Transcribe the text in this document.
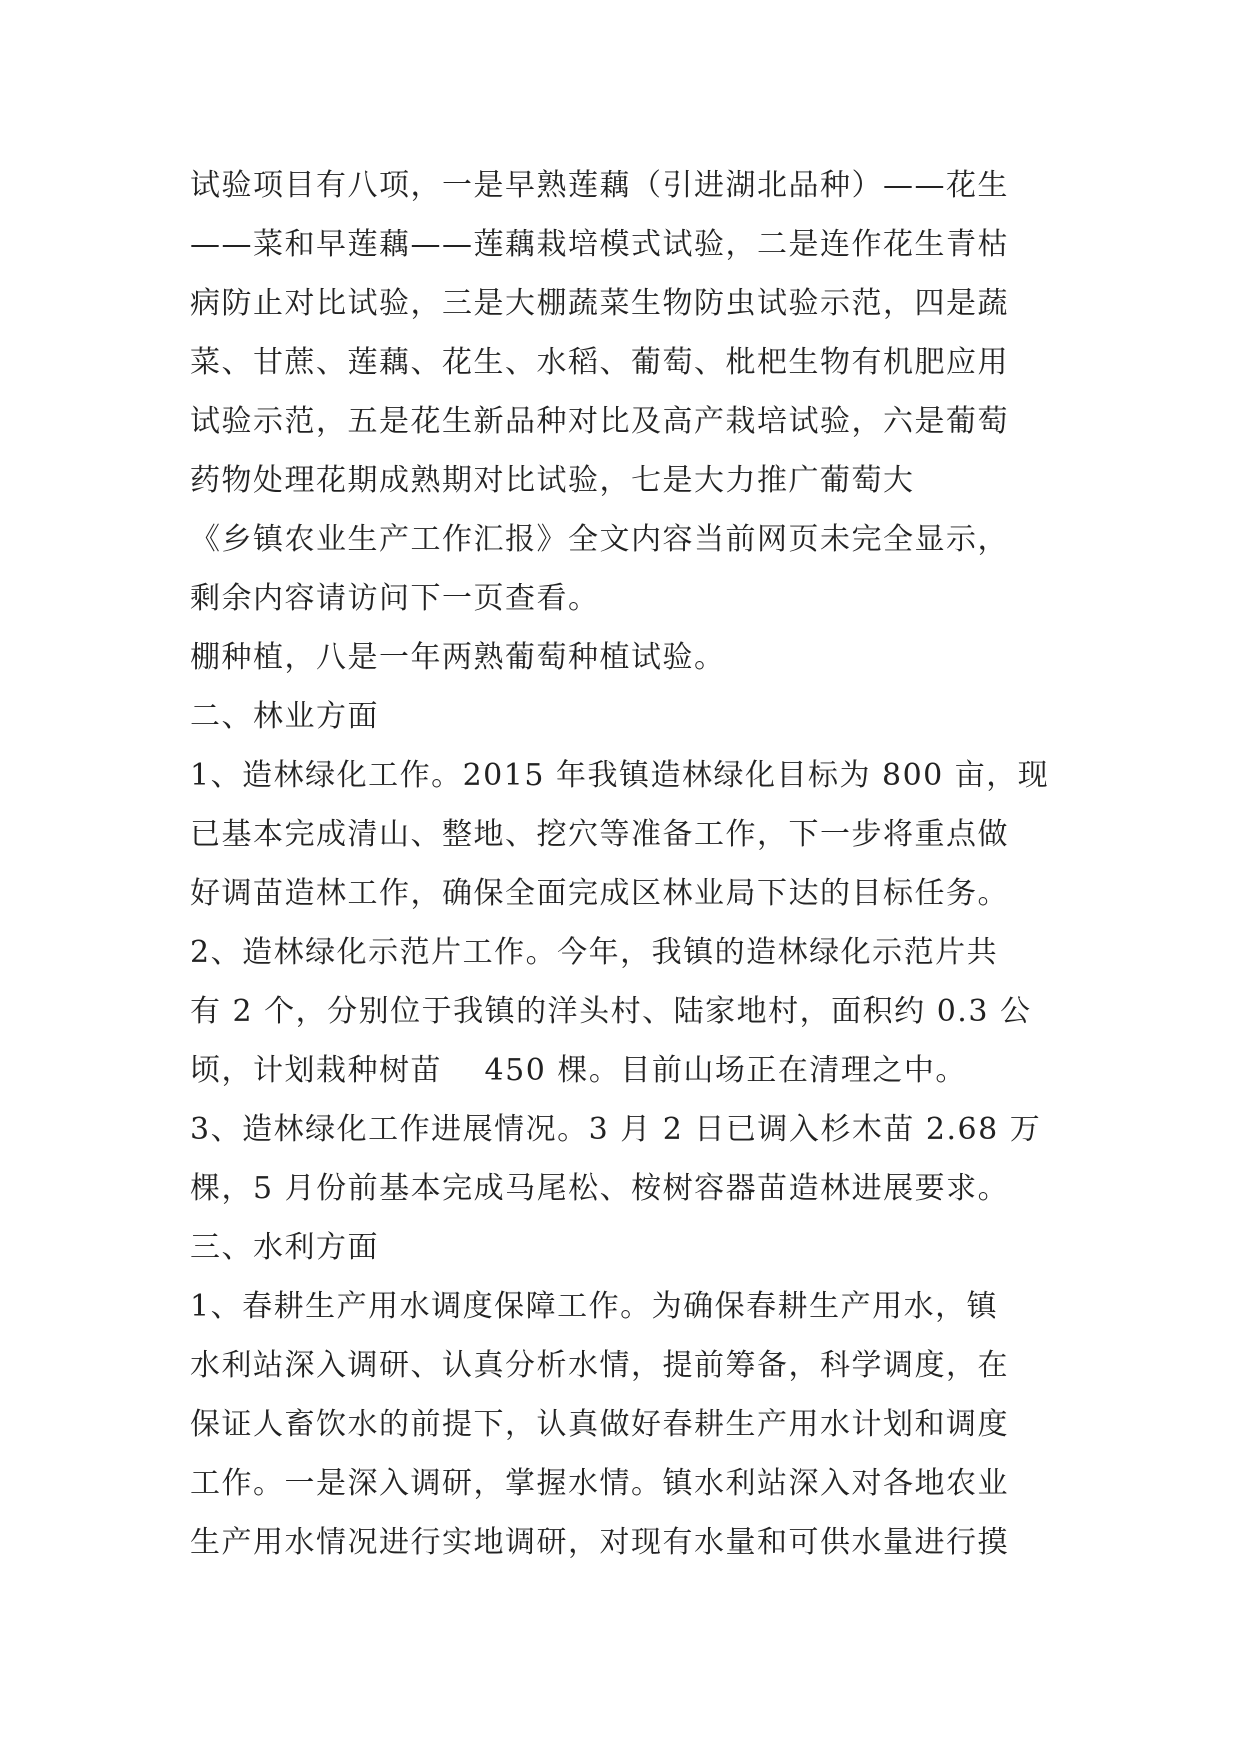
试验项目有八项，一是早熟莲藕（引进湖北品种）——花生
——菜和早莲藕——莲藕栽培模式试验，二是连作花生青枯
病防止对比试验，三是大棚蔬菜生物防虫试验示范，四是蔬
菜、甘蔗、莲藕、花生、水稻、葡萄、枇杷生物有机肥应用
试验示范，五是花生新品种对比及高产栽培试验，六是葡萄
药物处理花期成熟期对比试验，七是大力推广葡萄大
《乡镇农业生产工作汇报》全文内容当前网页未完全显示，
剩余内容请访问下一页查看。
棚种植，八是一年两熟葡萄种植试验。
二、林业方面
1、造林绿化工作。2015 年我镇造林绿化目标为 800 亩，现
已基本完成清山、整地、挖穴等准备工作，下一步将重点做
好调苗造林工作，确保全面完成区林业局下达的目标任务。
2、造林绿化示范片工作。今年，我镇的造林绿化示范片共
有 2 个，分别位于我镇的洋头村、陆家地村，面积约 0.3 公
顷，计划栽种树苗　 450 棵。目前山场正在清理之中。
3、造林绿化工作进展情况。3 月 2 日已调入杉木苗 2.68 万
棵，5 月份前基本完成马尾松、桉树容器苗造林进展要求。
三、水利方面
1、春耕生产用水调度保障工作。为确保春耕生产用水，镇
水利站深入调研、认真分析水情，提前筹备，科学调度，在
保证人畜饮水的前提下，认真做好春耕生产用水计划和调度
工作。一是深入调研，掌握水情。镇水利站深入对各地农业
生产用水情况进行实地调研，对现有水量和可供水量进行摸
